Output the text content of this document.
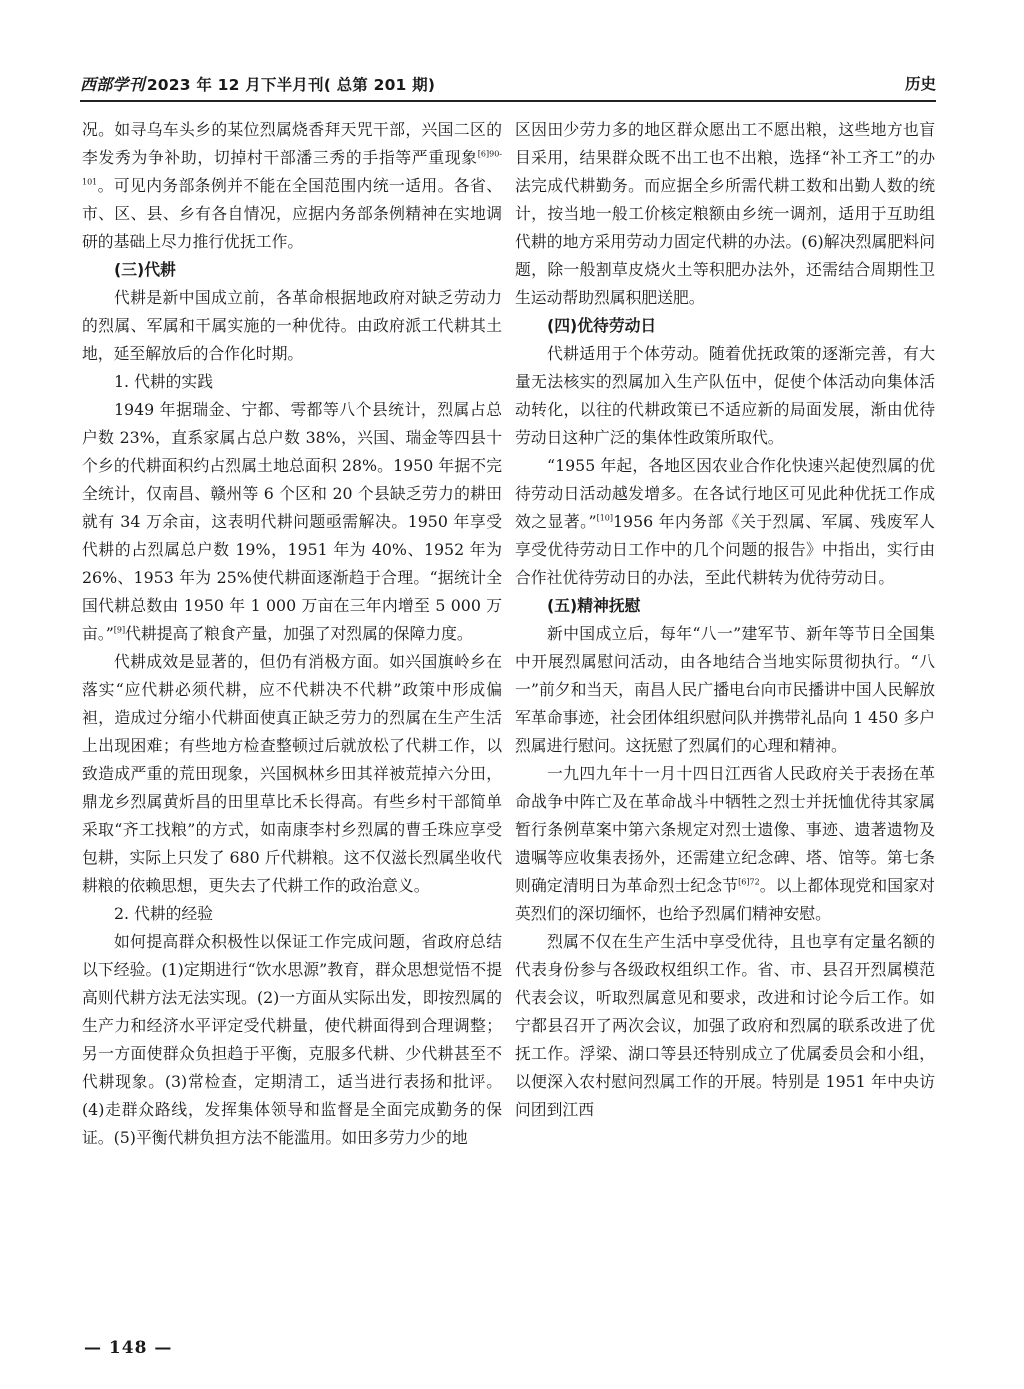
西部学刊 2023 年 12 月下半月刊( 总第 201 期)	历史

况。如寻乌车头乡的某位烈属烧香拜天咒干部，兴国二区的李发秀为争补助，切掉村干部潘三秀的手指等严重现象$^{[6]90-101}$。可见内务部条例并不能在全国范围内统一适用。各省、市、区、县、乡有各自情况，应据内务部条例精神在实地调研的基础上尽力推行优抚工作。

(三)代耕

代耕是新中国成立前，各革命根据地政府对缺乏劳动力的烈属、军属和干属实施的一种优待。由政府派工代耕其土地，延至解放后的合作化时期。

1. 代耕的实践

1949 年据瑞金、宁都、雩都等八个县统计，烈属占总户数 23%，直系家属占总户数 38%，兴国、瑞金等四县十个乡的代耕面积约占烈属土地总面积 28%。1950 年据不完全统计，仅南昌、赣州等 6 个区和 20 个县缺乏劳力的耕田就有 34 万余亩，这表明代耕问题亟需解决。1950 年享受代耕的占烈属总户数 19%，1951 年为 40%、1952 年为 26%、1953 年为 25%使代耕面逐渐趋于合理。“据统计全国代耕总数由 1950 年 1 000 万亩在三年内增至 5 000 万亩。”[9]代耕提高了粮食产量，加强了对烈属的保障力度。

代耕成效是显著的，但仍有消极方面。如兴国旗岭乡在落实“应代耕必须代耕，应不代耕决不代耕”政策中形成偏袒，造成过分缩小代耕面使真正缺乏劳力的烈属在生产生活上出现困难；有些地方检查整顿过后就放松了代耕工作，以致造成严重的荒田现象，兴国枫林乡田其祥被荒掉六分田，鼎龙乡烈属黄炘昌的田里草比禾长得高。有些乡村干部简单采取“齐工找粮”的方式，如南康李村乡烈属的曹壬珠应享受包耕，实际上只发了 680 斤代耕粮。这不仅滋长烈属坐收代耕粮的依赖思想，更失去了代耕工作的政治意义。

2. 代耕的经验

如何提高群众积极性以保证工作完成问题，省政府总结以下经验。(1)定期进行“饮水思源”教育，群众思想觉悟不提高则代耕方法无法实现。(2)一方面从实际出发，即按烈属的生产力和经济水平评定受代耕量，使代耕面得到合理调整；另一方面使群众负担趋于平衡，克服多代耕、少代耕甚至不代耕现象。(3)常检查，定期清工，适当进行表扬和批评。(4)走群众路线，发挥集体领导和监督是全面完成勤务的保证。(5)平衡代耕负担方法不能滥用。如田多劳力少的地

区因田少劳力多的地区群众愿出工不愿出粮，这些地方也盲目采用，结果群众既不出工也不出粮，选择“补工齐工”的办法完成代耕勤务。而应据全乡所需代耕工数和出勤人数的统计，按当地一般工价核定粮额由乡统一调剂，适用于互助组代耕的地方采用劳动力固定代耕的办法。(6)解决烈属肥料问题，除一般割草皮烧火土等积肥办法外，还需结合周期性卫生运动帮助烈属积肥送肥。

(四)优待劳动日

代耕适用于个体劳动。随着优抚政策的逐渐完善，有大量无法核实的烈属加入生产队伍中，促使个体活动向集体活动转化，以往的代耕政策已不适应新的局面发展，渐由优待劳动日这种广泛的集体性政策所取代。

“1955 年起，各地区因农业合作化快速兴起使烈属的优待劳动日活动越发增多。在各试行地区可见此种优抚工作成效之显著。”[10]1956 年内务部《关于烈属、军属、残废军人享受优待劳动日工作中的几个问题的报告》中指出，实行由合作社优待劳动日的办法，至此代耕转为优待劳动日。

(五)精神抚慰

新中国成立后，每年“八一”建军节、新年等节日全国集中开展烈属慰问活动，由各地结合当地实际贯彻执行。“八一”前夕和当天，南昌人民广播电台向市民播讲中国人民解放军革命事迹，社会团体组织慰问队并携带礼品向 1 450 多户烈属进行慰问。这抚慰了烈属们的心理和精神。

一九四九年十一月十四日江西省人民政府关于表扬在革命战争中阵亡及在革命战斗中牺牲之烈士并抚恤优待其家属暂行条例草案中第六条规定对烈士遗像、事迹、遗著遗物及遗嘱等应收集表扬外，还需建立纪念碑、塔、馆等。第七条则确定清明日为革命烈士纪念节$^{[6]72}$。以上都体现党和国家对英烈们的深切缅怀，也给予烈属们精神安慰。

烈属不仅在生产生活中享受优待，且也享有定量名额的代表身份参与各级政权组织工作。省、市、县召开烈属模范代表会议，听取烈属意见和要求，改进和讨论今后工作。如宁都县召开了两次会议，加强了政府和烈属的联系改进了优抚工作。浮梁、湖口等县还特别成立了优属委员会和小组，以便深入农村慰问烈属工作的开展。特别是 1951 年中央访问团到江西

— 148 —
